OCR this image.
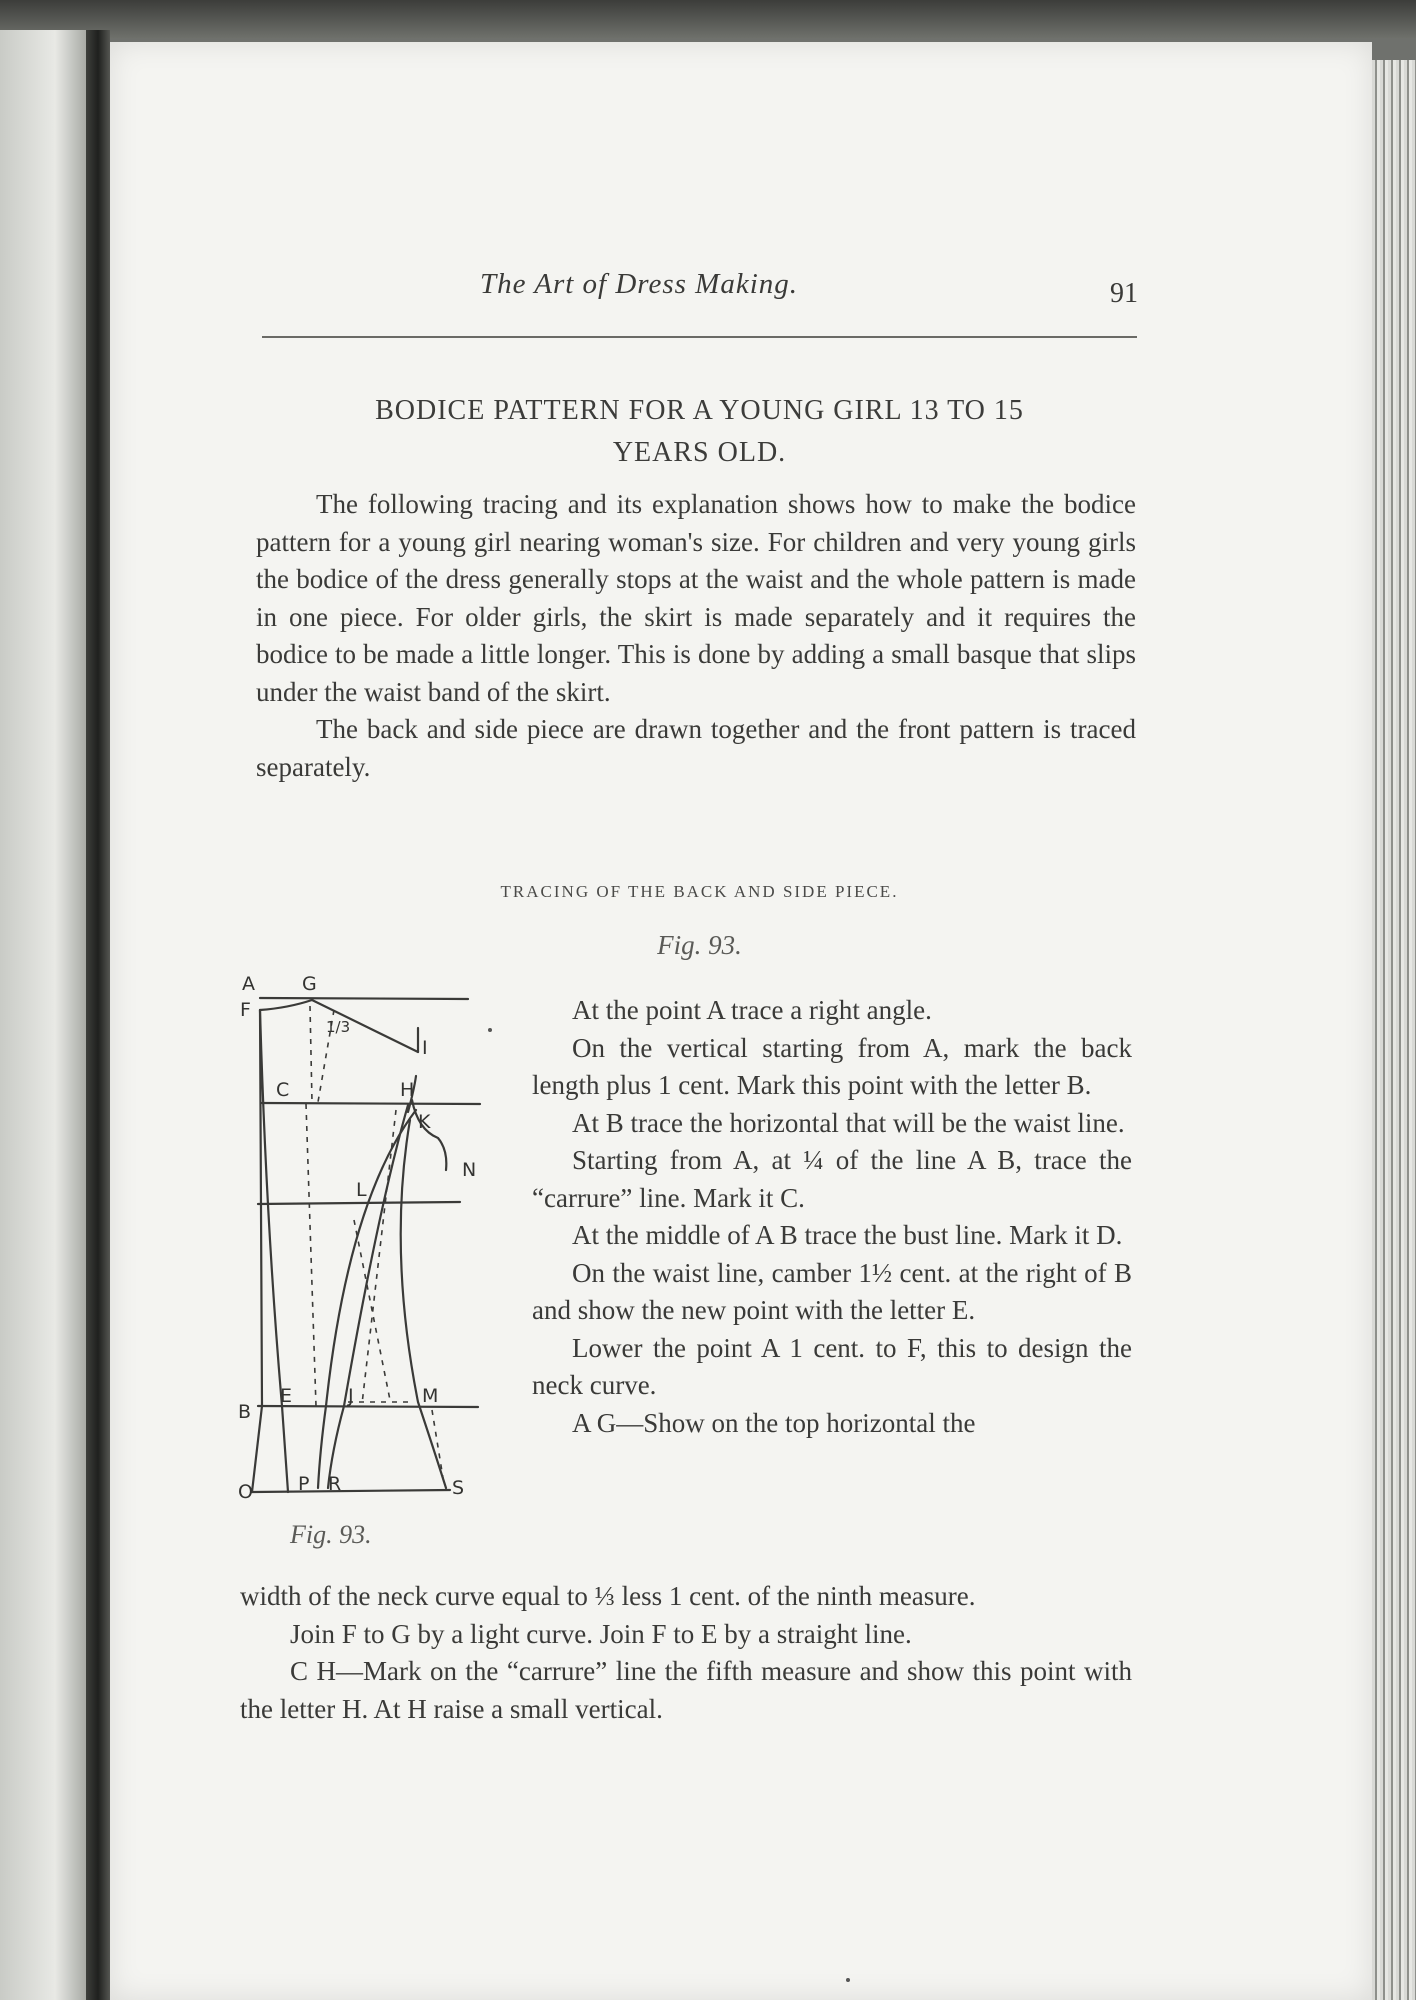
The Art of Dress Making.	91
BODICE PATTERN FOR A YOUNG GIRL 13 TO 15
YEARS OLD.

The following tracing and its explanation shows how to make the bodice pattern for a young girl nearing woman's size. For children and very young girls the bodice of the dress generally stops at the waist and the whole pattern is made in one piece. For older girls, the skirt is made separately and it requires the bodice to be made a little longer. This is done by adding a small basque that slips under the waist band of the skirt.

The back and side piece are drawn together and the front pattern is traced separately.

TRACING OF THE BACK AND SIDE PIECE.
Fig. 93.
A G
F
1/3
I
C	H
K
N
L
B
E	J	M
O P R	S
Fig. 93.

At the point A trace a right angle.

On the vertical starting from A, mark the back length plus 1 cent. Mark this point with the letter B.

At B trace the horizontal that will be the waist line.

Starting from A, at ¼ of the line A B, trace the “carrure” line. Mark it C.

At the middle of A B trace the bust line. Mark it D.

On the waist line, camber 1½ cent. at the right of B and show the new point with the letter E.

Lower the point A 1 cent. to F, this to design the neck curve.

A G—Show on the top horizontal the

width of the neck curve equal to ⅓ less 1 cent. of the ninth measure.

Join F to G by a light curve. Join F to E by a straight line.

C H—Mark on the “carrure” line the fifth measure and show this point with the letter H. At H raise a small vertical.
